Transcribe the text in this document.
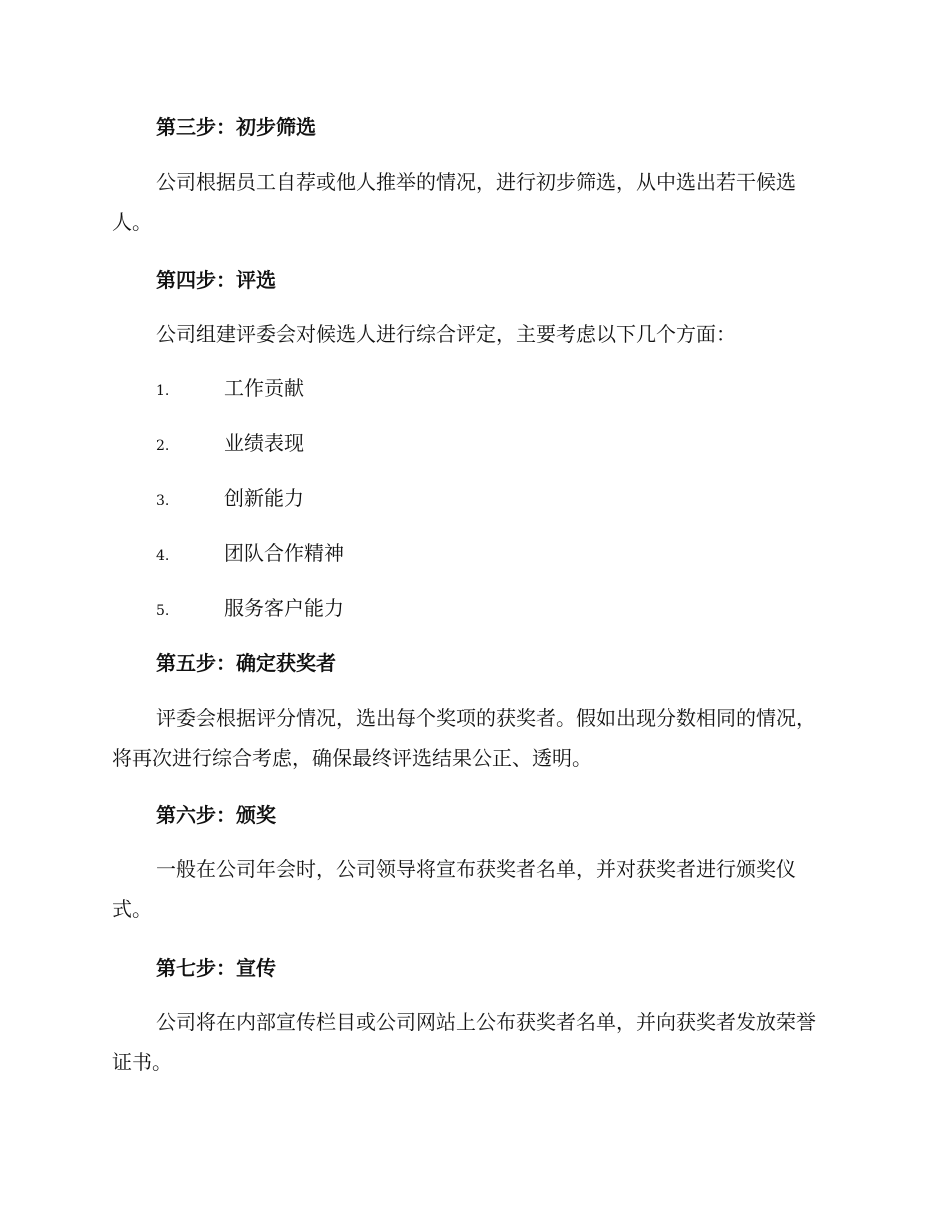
第三步：初步筛选
公司根据员工自荐或他人推举的情况，进行初步筛选，从中选出若干候选人。
第四步：评选
公司组建评委会对候选人进行综合评定，主要考虑以下几个方面：
1.	工作贡献
2.	业绩表现
3.	创新能力
4.	团队合作精神
5.	服务客户能力
第五步：确定获奖者
评委会根据评分情况，选出每个奖项的获奖者。假如出现分数相同的情况，将再次进行综合考虑，确保最终评选结果公正、透明。
第六步：颁奖
一般在公司年会时，公司领导将宣布获奖者名单，并对获奖者进行颁奖仪式。
第七步：宣传
公司将在内部宣传栏目或公司网站上公布获奖者名单，并向获奖者发放荣誉证书。
